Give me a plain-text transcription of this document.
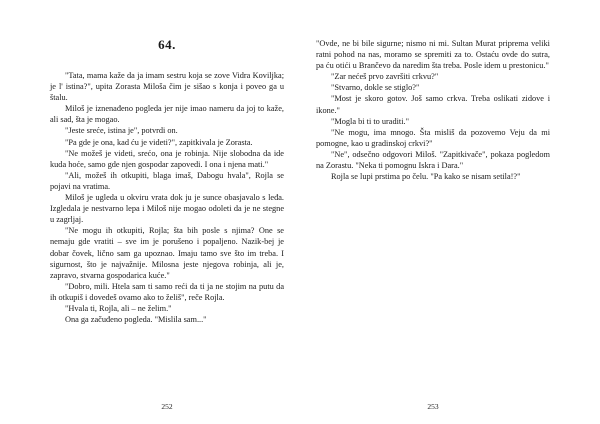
64.

"Tata, mama kaže da ja imam sestru koja se zove Vidra Koviljka; je l' istina?", upita Zorasta Miloša čim je sišao s konja i poveo ga u štalu.

Miloš je iznenađeno pogleda jer nije imao nameru da joj to kaže, ali sad, šta je mogao.

"Jeste sreće, istina je", potvrdi on.

"Pa gde je ona, kad ću je videti?", zapitkivala je Zorasta.

"Ne možeš je videti, srećo, ona je robinja. Nije slobodna da ide kuda hoće, samo gde njen gospodar zapovedi. I ona i njena mati."

"Ali, možeš ih otkupiti, blaga imaš, Dabogu hvala", Rojla se pojavi na vratima.

Miloš je ugleda u okviru vrata dok ju je sunce obasjavalo s leđa. Izgledala je nestvarno lepa i Miloš nije mogao odoleti da je ne stegne u zagrljaj.

"Ne mogu ih otkupiti, Rojla; šta bih posle s njima? One se nemaju gde vratiti – sve im je porušeno i popaljeno. Nazik-bej je dobar čovek, lično sam ga upoznao. Imaju tamo sve što im treba. I sigurnost, što je najvažnije. Milosna jeste njegova robinja, ali je, zapravo, stvarna gospodarica kuće."

"Dobro, mili. Htela sam ti samo reći da ti ja ne stojim na putu da ih otkupiš i dovedeš ovamo ako to želiš", reče Rojla.

"Hvala ti, Rojla, ali – ne želim."

Ona ga začuđeno pogleda. "Mislila sam..."

252

"Ovde, ne bi bile sigurne; nismo ni mi. Sultan Murat priprema veliki ratni pohod na nas, moramo se spremiti za to. Ostaću ovde do sutra, pa ću otići u Brančevo da naredim šta treba. Posle idem u prestonicu."

"Zar nećeš prvo završiti crkvu?"

"Stvarno, dokle se stiglo?"

"Most je skoro gotov. Još samo crkva. Treba oslikati zidove i ikone."

"Mogla bi ti to uraditi."

"Ne mogu, ima mnogo. Šta misliš da pozovemo Veju da mi pomogne, kao u gradinskoj crkvi?"

"Ne", odsečno odgovori Miloš. "Zapitkivače", pokaza pogledom na Zorastu. "Neka ti pomognu Iskra i Dara."

Rojla se lupi prstima po čelu. "Pa kako se nisam setila!?"

253
